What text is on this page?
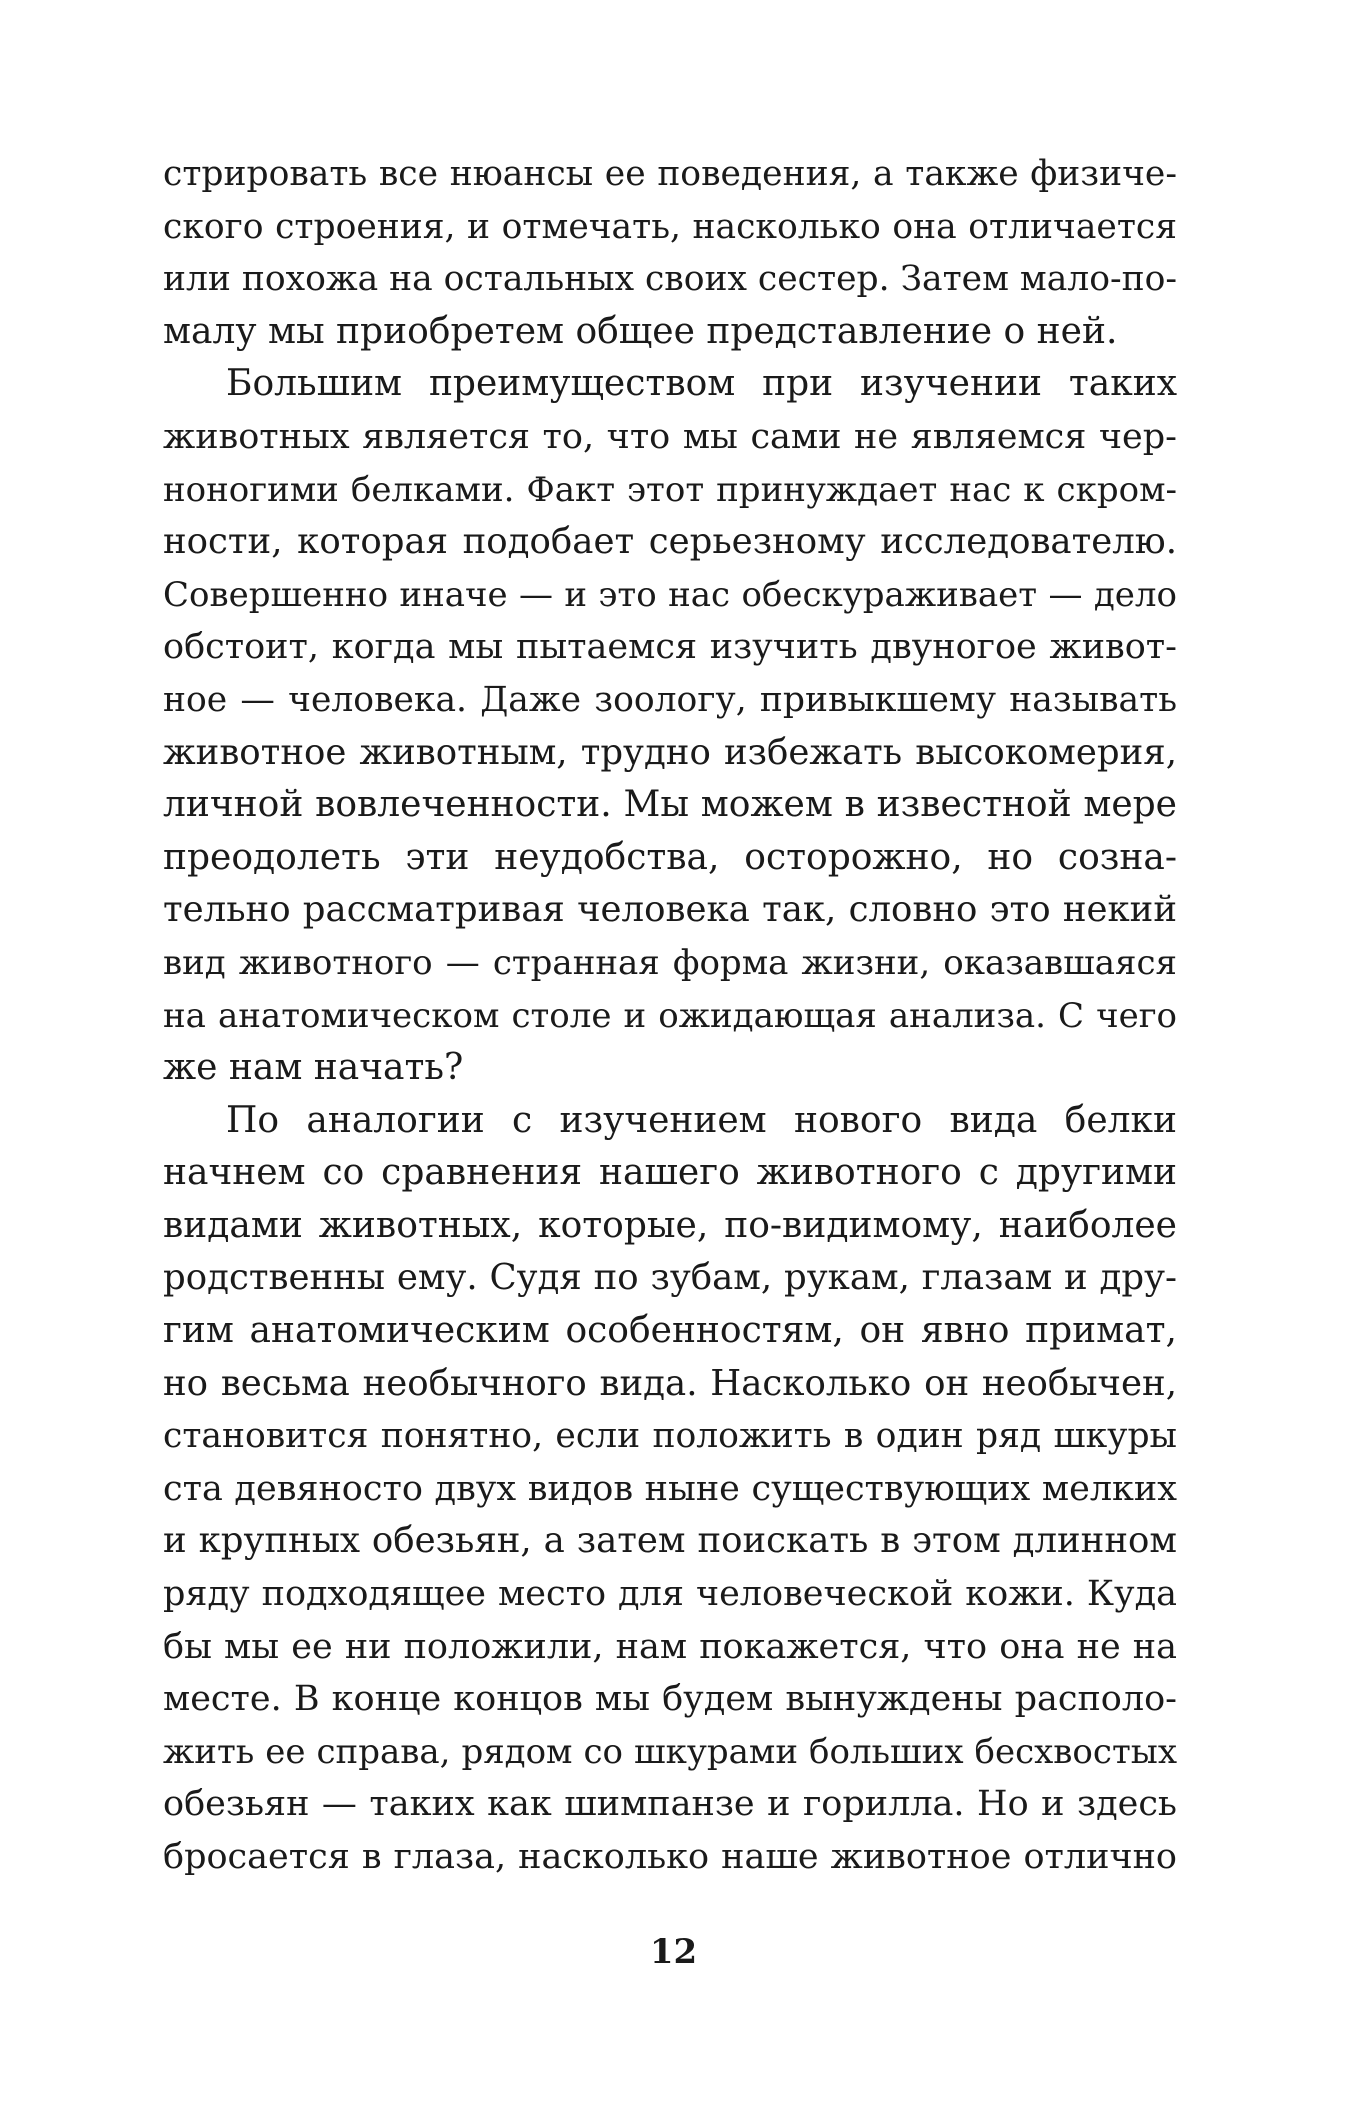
стрировать все нюансы ее поведения, а также физиче-
ского строения, и отмечать, насколько она отличается
или похожа на остальных своих сестер. Затем мало-по-
малу мы приобретем общее представление о ней.
Большим преимуществом при изучении таких
животных является то, что мы сами не являемся чер-
ноногими белками. Факт этот принуждает нас к скром-
ности, которая подобает серьезному исследователю.
Совершенно иначе — и это нас обескураживает — дело
обстоит, когда мы пытаемся изучить двуногое живот-
ное — человека. Даже зоологу, привыкшему называть
животное животным, трудно избежать высокомерия,
личной вовлеченности. Мы можем в известной мере
преодолеть эти неудобства, осторожно, но созна-
тельно рассматривая человека так, словно это некий
вид животного — странная форма жизни, оказавшаяся
на анатомическом столе и ожидающая анализа. С чего
же нам начать?
По аналогии с изучением нового вида белки
начнем со сравнения нашего животного с другими
видами животных, которые, по-видимому, наиболее
родственны ему. Судя по зубам, рукам, глазам и дру-
гим анатомическим особенностям, он явно примат,
но весьма необычного вида. Насколько он необычен,
становится понятно, если положить в один ряд шкуры
ста девяносто двух видов ныне существующих мелких
и крупных обезьян, а затем поискать в этом длинном
ряду подходящее место для человеческой кожи. Куда
бы мы ее ни положили, нам покажется, что она не на
месте. В конце концов мы будем вынуждены располо-
жить ее справа, рядом со шкурами больших бесхвостых
обезьян — таких как шимпанзе и горилла. Но и здесь
бросается в глаза, насколько наше животное отлично
12
